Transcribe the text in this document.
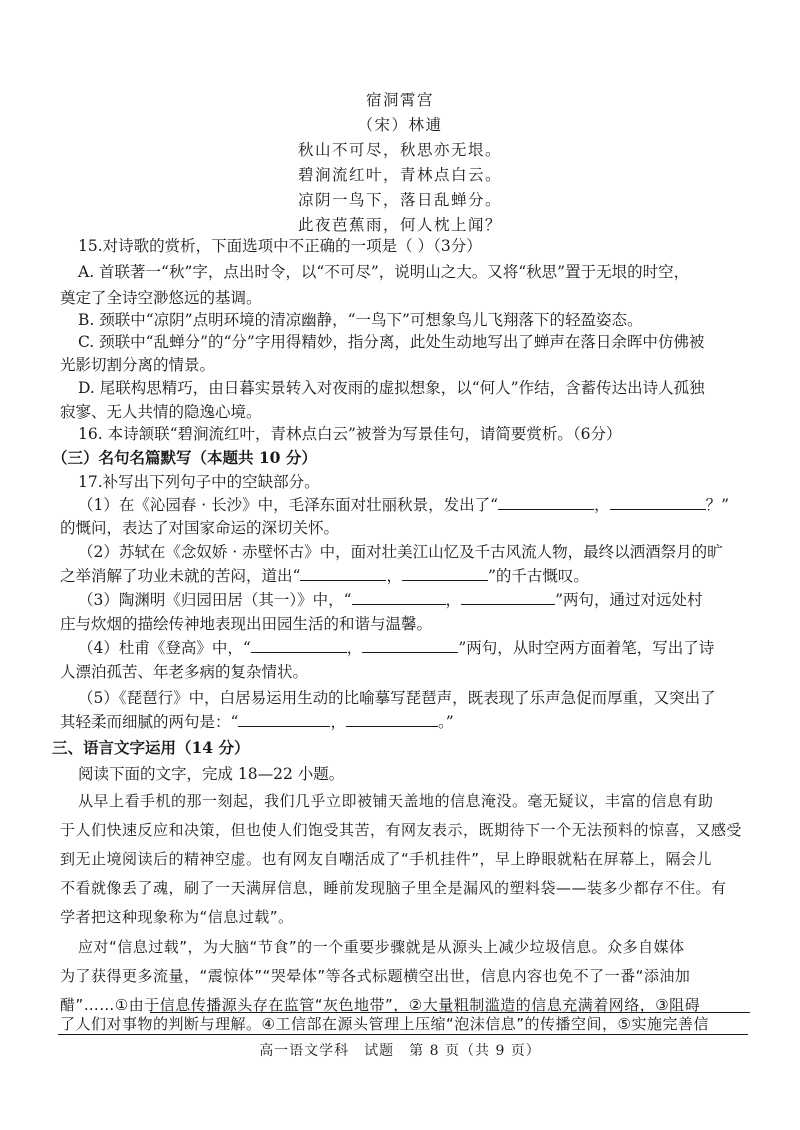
宿洞霄宫
（宋）林逋
秋山不可尽，秋思亦无垠。
碧涧流红叶，青林点白云。
凉阴一鸟下，落日乱蝉分。
此夜芭蕉雨，何人枕上闻？
15.对诗歌的赏析，下面选项中不正确的一项是（ ）（3分）
A. 首联著一“秋”字，点出时令，以“不可尽”，说明山之大。又将“秋思”置于无垠的时空，
奠定了全诗空渺悠远的基调。
B. 颈联中“凉阴”点明环境的清凉幽静，“一鸟下”可想象鸟儿飞翔落下的轻盈姿态。
C. 颈联中“乱蝉分”的“分”字用得精妙，指分离，此处生动地写出了蝉声在落日余晖中仿佛被
光影切割分离的情景。
D. 尾联构思精巧，由日暮实景转入对夜雨的虚拟想象，以“何人”作结，含蓄传达出诗人孤独
寂寥、无人共情的隐逸心境。
16. 本诗颔联“碧涧流红叶，青林点白云”被誉为写景佳句，请简要赏析。（6分）
（三）名句名篇默写（本题共 10 分）
17.补写出下列句子中的空缺部分。
（1）在《沁园春 · 长沙》中，毛泽东面对壮丽秋景，发出了“	，	？”
的慨问，表达了对国家命运的深切关怀。
（2）苏轼在《念奴娇 · 赤壁怀古》中，面对壮美江山忆及千古风流人物，最终以洒酒祭月的旷
之举消解了功业未就的苦闷，道出“	，	”的千古慨叹。
（3）陶渊明《归园田居（其一）》中，“	，	”两句，通过对远处村
庄与炊烟的描绘传神地表现出田园生活的和谐与温馨。
（4）杜甫《登高》中，“	，	”两句，从时空两方面着笔，写出了诗
人漂泊孤苦、年老多病的复杂情状。
（5）《琵琶行》中，白居易运用生动的比喻摹写琵琶声，既表现了乐声急促而厚重，又突出了
其轻柔而细腻的两句是：“	，	。”
三、语言文字运用（14 分）
阅读下面的文字，完成 18—22 小题。
从早上看手机的那一刻起，我们几乎立即被铺天盖地的信息淹没。毫无疑议，丰富的信息有助
于人们快速反应和决策，但也使人们饱受其苦，有网友表示，既期待下一个无法预料的惊喜，又感受
到无止境阅读后的精神空虚。也有网友自嘲活成了“手机挂件”，早上睁眼就粘在屏幕上，隔会儿
不看就像丢了魂，刷了一天满屏信息，睡前发现脑子里全是漏风的塑料袋——装多少都存不住。有
学者把这种现象称为“信息过载”。
应对“信息过载”，为大脑“节食”的一个重要步骤就是从源头上减少垃圾信息。众多自媒体
为了获得更多流量，“震惊体”“哭晕体”等各式标题横空出世，信息内容也免不了一番“添油加
醋”……①由于信息传播源头存在监管“灰色地带”，②大量粗制滥造的信息充满着网络，③阻碍
了人们对事物的判断与理解。④工信部在源头管理上压缩“泡沫信息”的传播空间，⑤实施完善信
高一语文学科　试题　第 8 页（共 9 页）
